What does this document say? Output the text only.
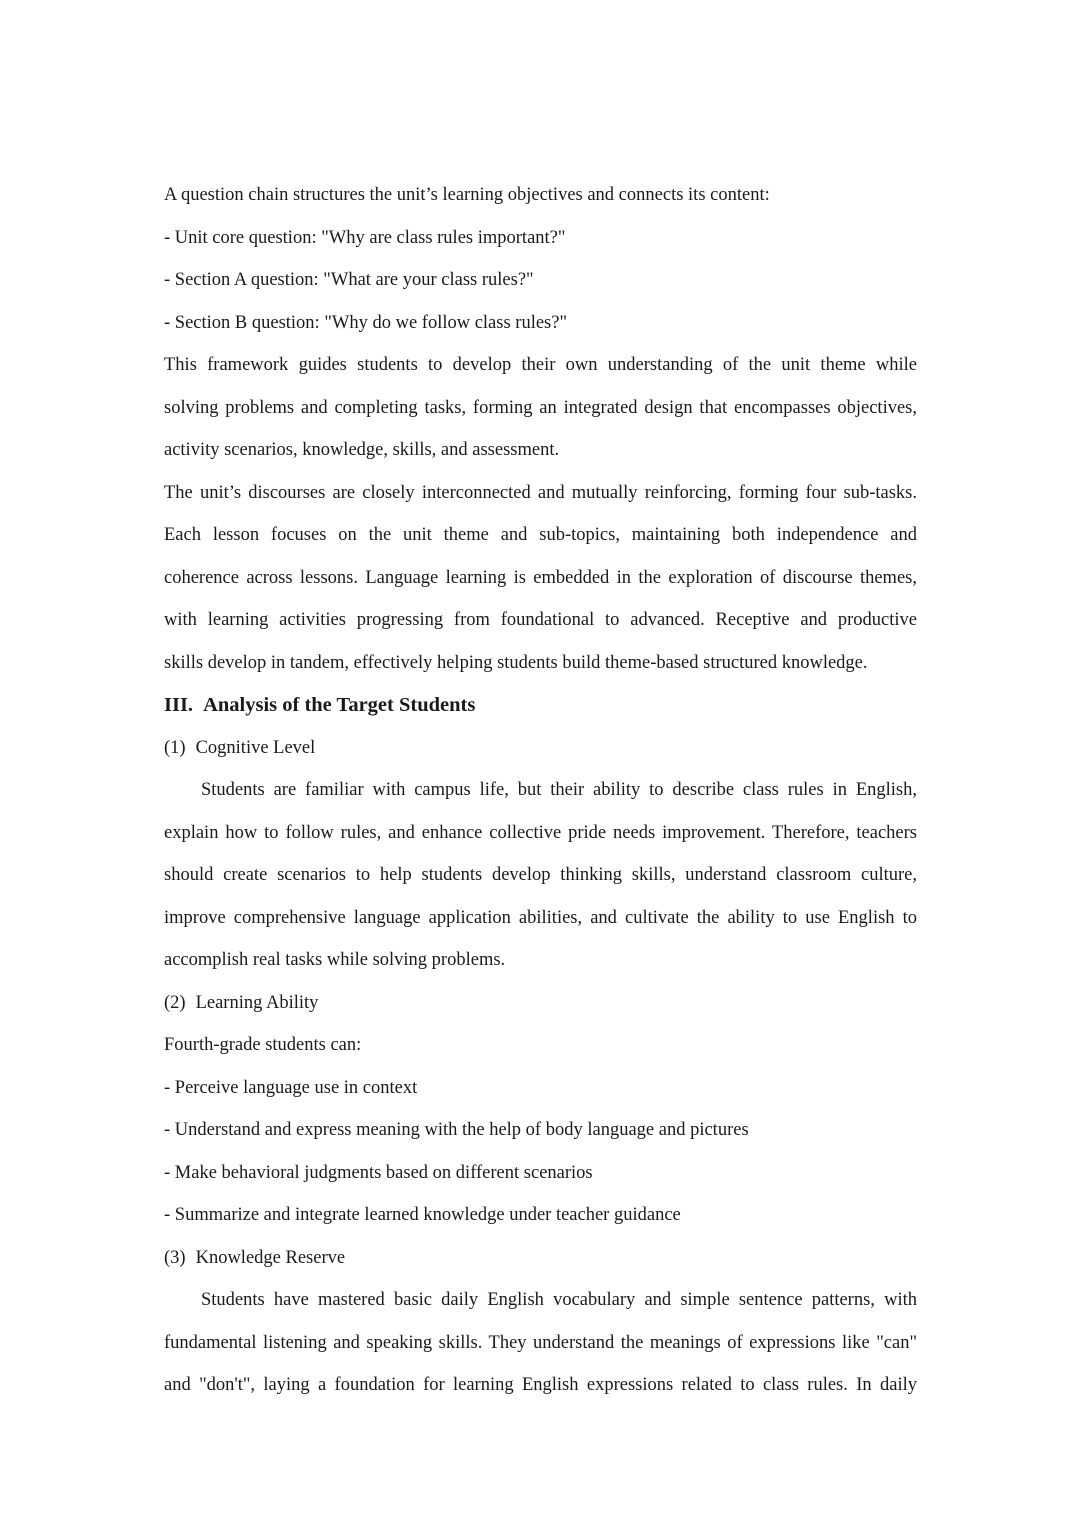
A question chain structures the unit’s learning objectives and connects its content:
- Unit core question: "Why are class rules important?"
- Section A question: "What are your class rules?"
- Section B question: "Why do we follow class rules?"
This framework guides students to develop their own understanding of the unit theme while
solving problems and completing tasks, forming an integrated design that encompasses objectives,
activity scenarios, knowledge, skills, and assessment.
The unit’s discourses are closely interconnected and mutually reinforcing, forming four sub-tasks.
Each lesson focuses on the unit theme and sub-topics, maintaining both independence and
coherence across lessons. Language learning is embedded in the exploration of discourse themes,
with learning activities progressing from foundational to advanced. Receptive and productive
skills develop in tandem, effectively helping students build theme-based structured knowledge.
III. Analysis of the Target Students
(1) Cognitive Level
Students are familiar with campus life, but their ability to describe class rules in English,
explain how to follow rules, and enhance collective pride needs improvement. Therefore, teachers
should create scenarios to help students develop thinking skills, understand classroom culture,
improve comprehensive language application abilities, and cultivate the ability to use English to
accomplish real tasks while solving problems.
(2) Learning Ability
Fourth-grade students can:
- Perceive language use in context
- Understand and express meaning with the help of body language and pictures
- Make behavioral judgments based on different scenarios
- Summarize and integrate learned knowledge under teacher guidance
(3) Knowledge Reserve
Students have mastered basic daily English vocabulary and simple sentence patterns, with
fundamental listening and speaking skills. They understand the meanings of expressions like "can"
and "don't", laying a foundation for learning English expressions related to class rules. In daily
